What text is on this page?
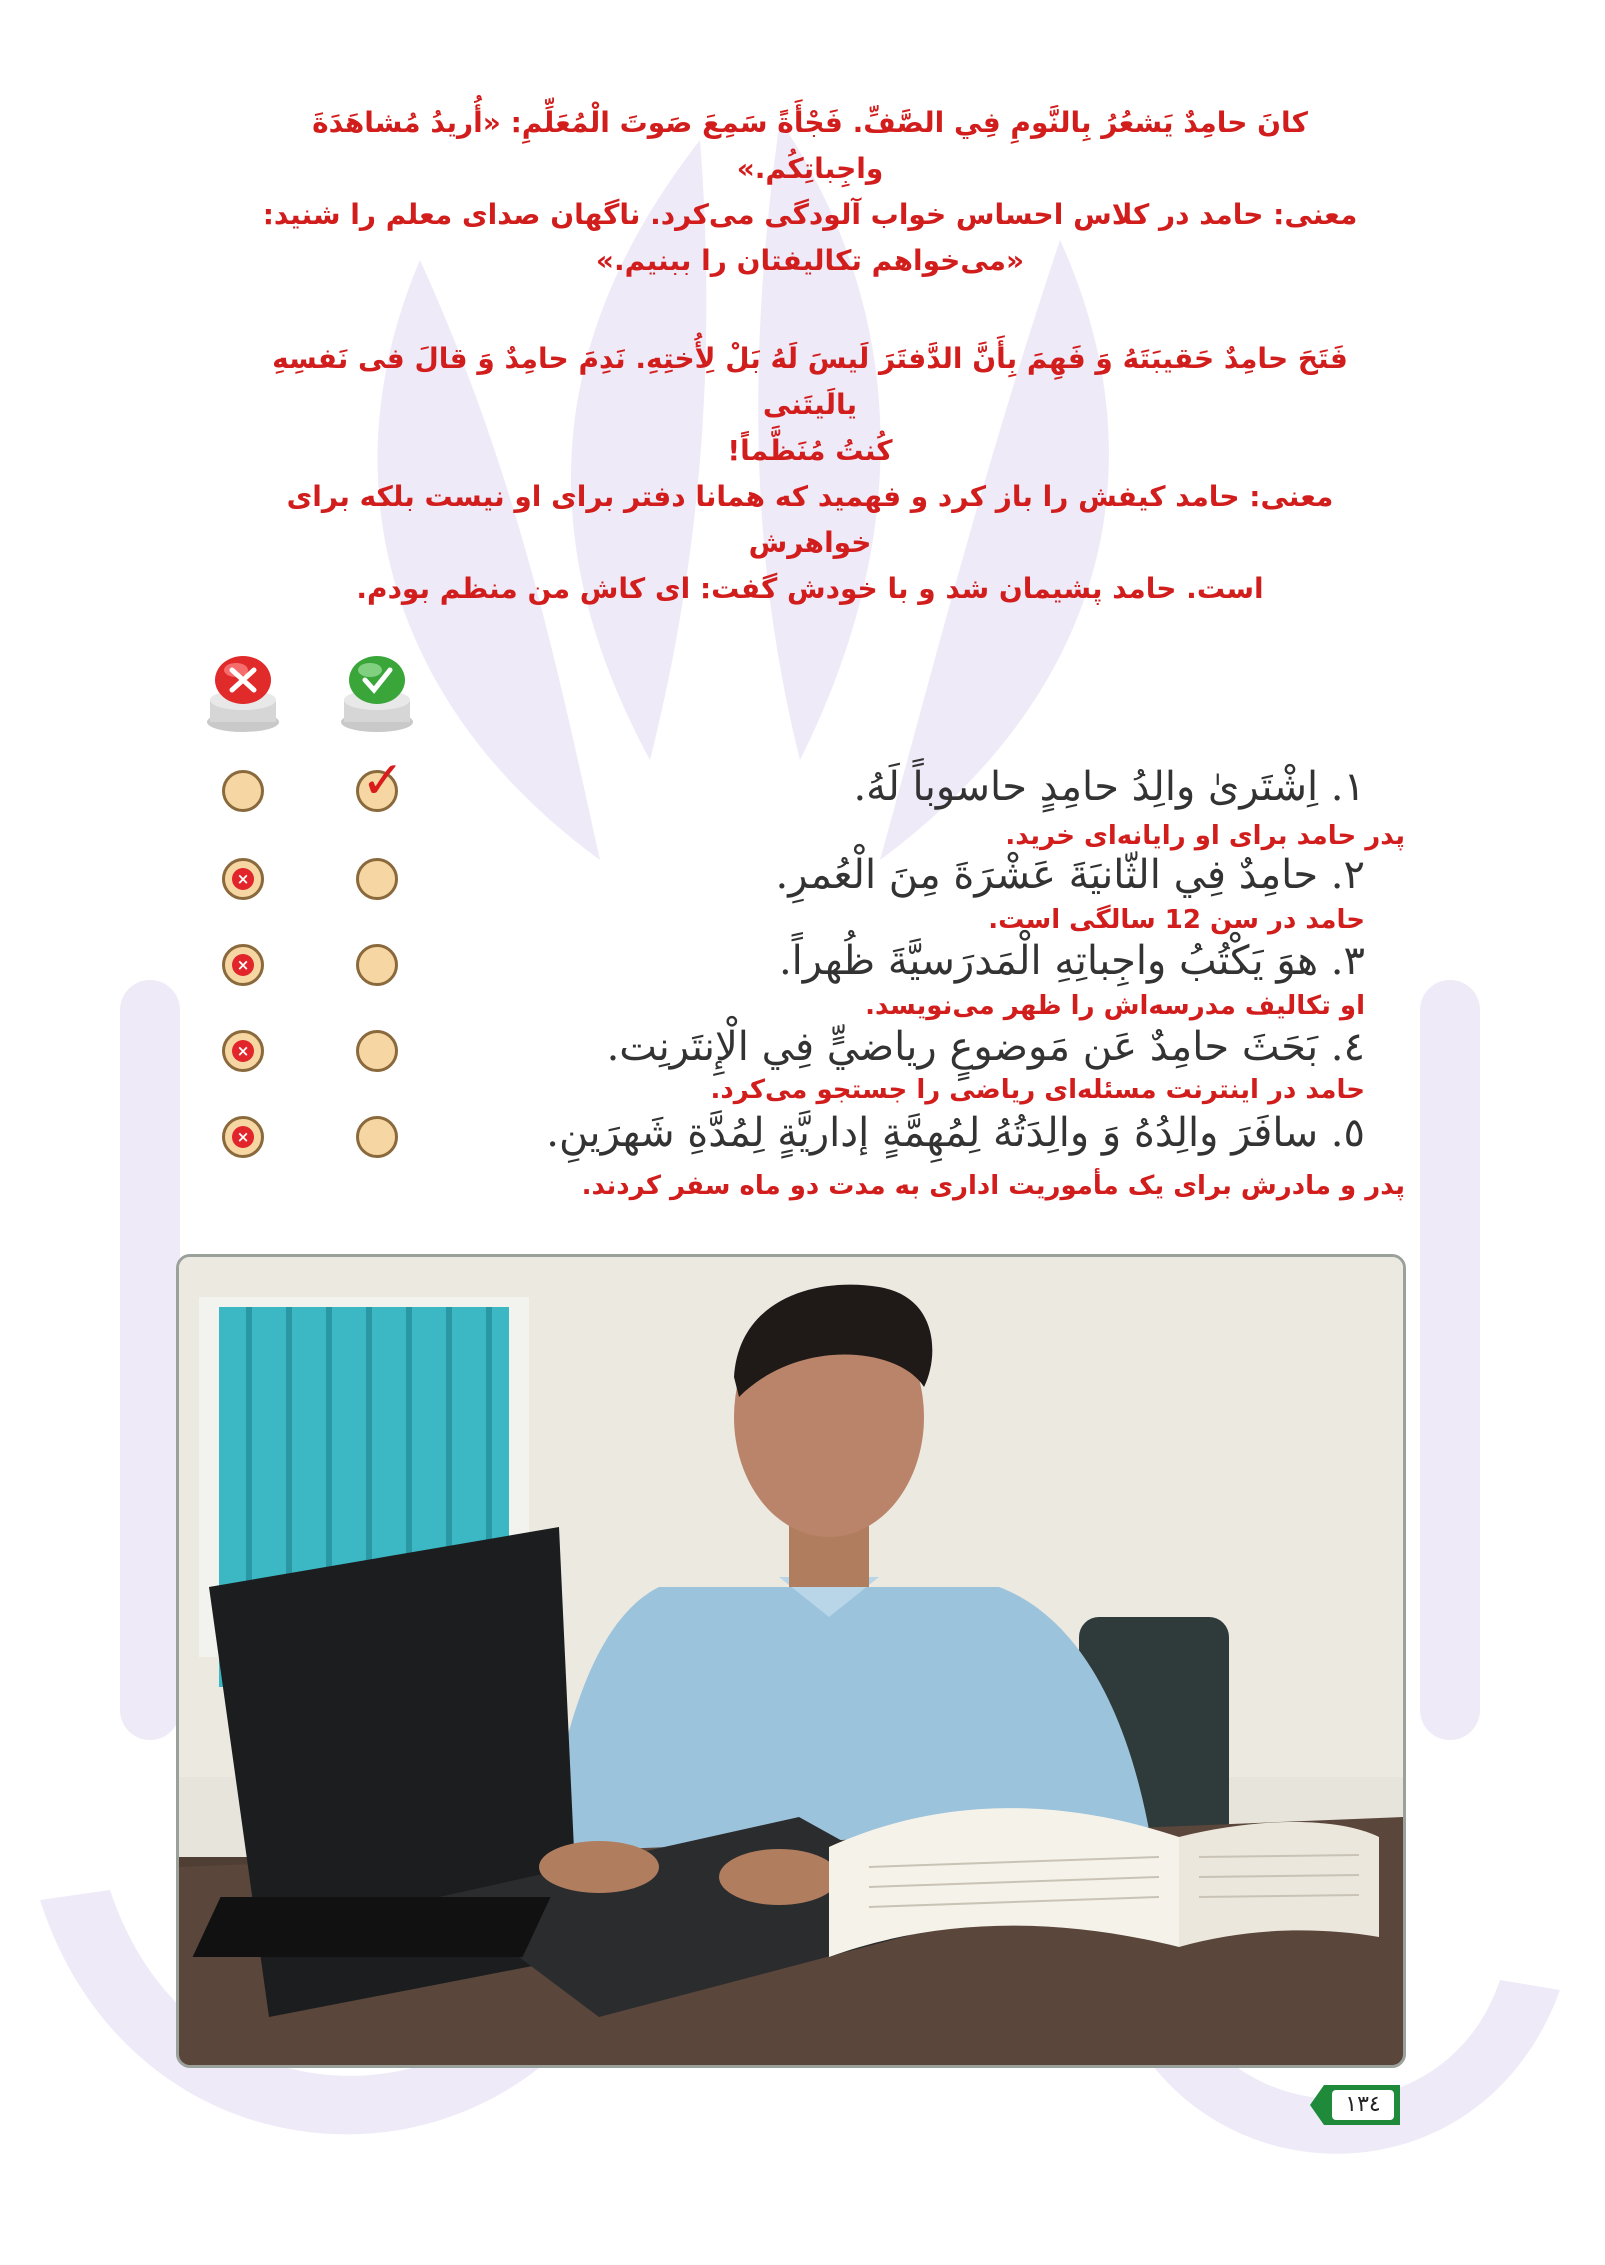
كانَ حامِدٌ يَشعُرُ بِالنَّومِ فِي الصَّفِّ. فَجْأَةً سَمِعَ صَوتَ الْمُعَلِّمِ: «أُريدُ مُشاهَدَةَ واجِباتِكُم.»

معنی: حامد در کلاس احساس خواب آلودگی می‌کرد. ناگهان صدای معلم را شنید:

«می‌خواهم تکالیفتان را ببنیم.»

فَتَحَ حامِدٌ حَقيبَتَهُ وَ فَهِمَ بِأَنَّ الدَّفتَرَ لَيسَ لَهُ بَلْ لِأُختِهِ. نَدِمَ حامِدٌ وَ قالَ فی نَفسِهِ يالَيتَنی

كُنتُ مُنَظَّماً!

معنی: حامد کیفش را باز کرد و فهمید که همانا دفتر برای او نیست بلکه برای خواهرش

است. حامد پشیمان شد و با خودش گفت: ای کاش من منظم بودم.

✓	١. اِشْتَرىٰ والِدُ حامِدٍ حاسوباً لَهُ.
پدر حامد برای او رایانه‌ای خرید.
×	٢. حامِدٌ فِي الثّانيَةَ عَشْرَةَ مِنَ الْعُمرِ.
حامد در سن 12 سالگی است.
×	٣. هوَ يَكْتُبُ واجِباتِهِ الْمَدرَسيَّةَ ظُهراً.
او تکالیف مدرسه‌اش را ظهر می‌نویسد.
×	٤. بَحَثَ حامِدٌ عَن مَوضوعٍ رياضيٍّ فِي الْإِنتَرنِت.
حامد در اینترنت مسئله‌ای ریاضی را جستجو می‌کرد.
×	٥. سافَرَ والِدُهُ وَ والِدَتُهُ لِمُهِمَّةٍ إداريَّةٍ لِمُدَّةِ شَهرَينِ.
پدر و مادرش برای یک مأموریت اداری به مدت دو ماه سفر کردند.
١٣٤
